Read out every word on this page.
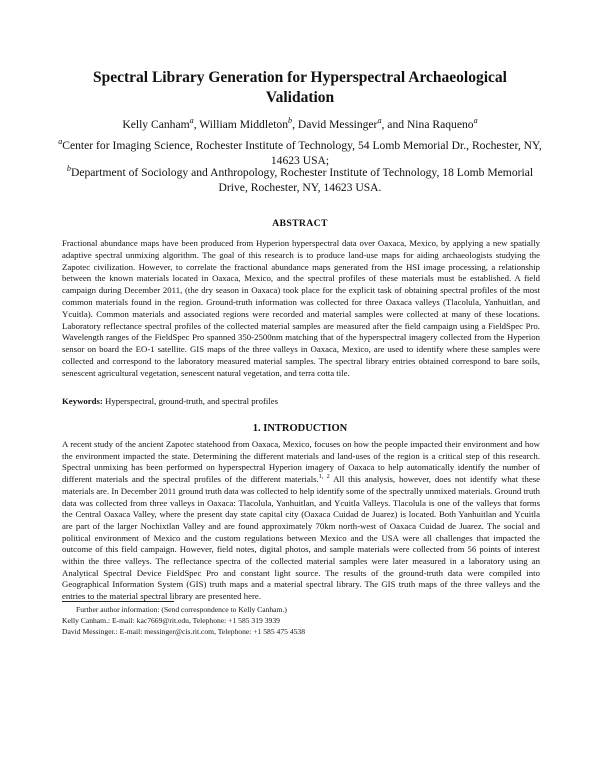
Spectral Library Generation for Hyperspectral Archaeological Validation
Kelly Canham$^a$, William Middleton$^b$, David Messinger$^a$, and Nina Raqueno$^a$
$^a$Center for Imaging Science, Rochester Institute of Technology, 54 Lomb Memorial Dr., Rochester, NY, 14623 USA;
$^b$Department of Sociology and Anthropology, Rochester Institute of Technology, 18 Lomb Memorial Drive, Rochester, NY, 14623 USA.
ABSTRACT
Fractional abundance maps have been produced from Hyperion hyperspectral data over Oaxaca, Mexico, by applying a new spatially adaptive spectral unmixing algorithm. The goal of this research is to produce land-use maps for aiding archaeologists studying the Zapotec civilization. However, to correlate the fractional abundance maps generated from the HSI image processing, a relationship between the known materials located in Oaxaca, Mexico, and the spectral profiles of these materials must be established. A field campaign during December 2011, (the dry season in Oaxaca) took place for the explicit task of obtaining spectral profiles of the most common materials found in the region. Ground-truth information was collected for three Oaxaca valleys (Tlacolula, Yanhuitlan, and Ycuitla). Common materials and associated regions were recorded and material samples were collected at many of these locations. Laboratory reflectance spectral profiles of the collected material samples are measured after the field campaign using a FieldSpec Pro. Wavelength ranges of the FieldSpec Pro spanned 350-2500nm matching that of the hyperspectral imagery collected from the Hyperion sensor on board the EO-1 satellite. GIS maps of the three valleys in Oaxaca, Mexico, are used to identify where these samples were collected and correspond to the laboratory measured material samples. The spectral library entries obtained correspond to bare soils, senescent agricultural vegetation, senescent natural vegetation, and terra cotta tile.
Keywords: Hyperspectral, ground-truth, and spectral profiles
1. INTRODUCTION
A recent study of the ancient Zapotec statehood from Oaxaca, Mexico, focuses on how the people impacted their environment and how the environment impacted the state. Determining the different materials and land-uses of the region is a critical step of this research. Spectral unmixing has been performed on hyperspectral Hyperion imagery of Oaxaca to help automatically identify the number of different materials and the spectral profiles of the different materials.$^{1, 2}$ All this analysis, however, does not identify what these materials are. In December 2011 ground truth data was collected to help identify some of the spectrally unmixed materials. Ground truth data was collected from three valleys in Oaxaca: Tlacolula, Yanhuitlan, and Ycuitla Valleys. Tlacolula is one of the valleys that forms the Central Oaxaca Valley, where the present day state capital city (Oaxaca Cuidad de Juarez) is located. Both Yanhuitlan and Ycuitla are part of the larger Nochixtlan Valley and are found approximately 70km north-west of Oaxaca Cuidad de Juarez. The social and political environment of Mexico and the custom regulations between Mexico and the USA were all challenges that impacted the outcome of this field campaign. However, field notes, digital photos, and sample materials were collected from 56 points of interest within the three valleys. The reflectance spectra of the collected material samples were later measured in a laboratory using an Analytical Spectral Device FieldSpec Pro and constant light source. The results of the ground-truth data were compiled into Geographical Information System (GIS) truth maps and a material spectral library. The GIS truth maps of the three valleys and the entries to the material spectral library are presented here.
Further author information: (Send correspondence to Kelly Canham.)
Kelly Canham.: E-mail: kac7669@rit.edu, Telephone: +1 585 319 3939
David Messinger.: E-mail: messinger@cis.rit.com, Telephone: +1 585 475 4538
